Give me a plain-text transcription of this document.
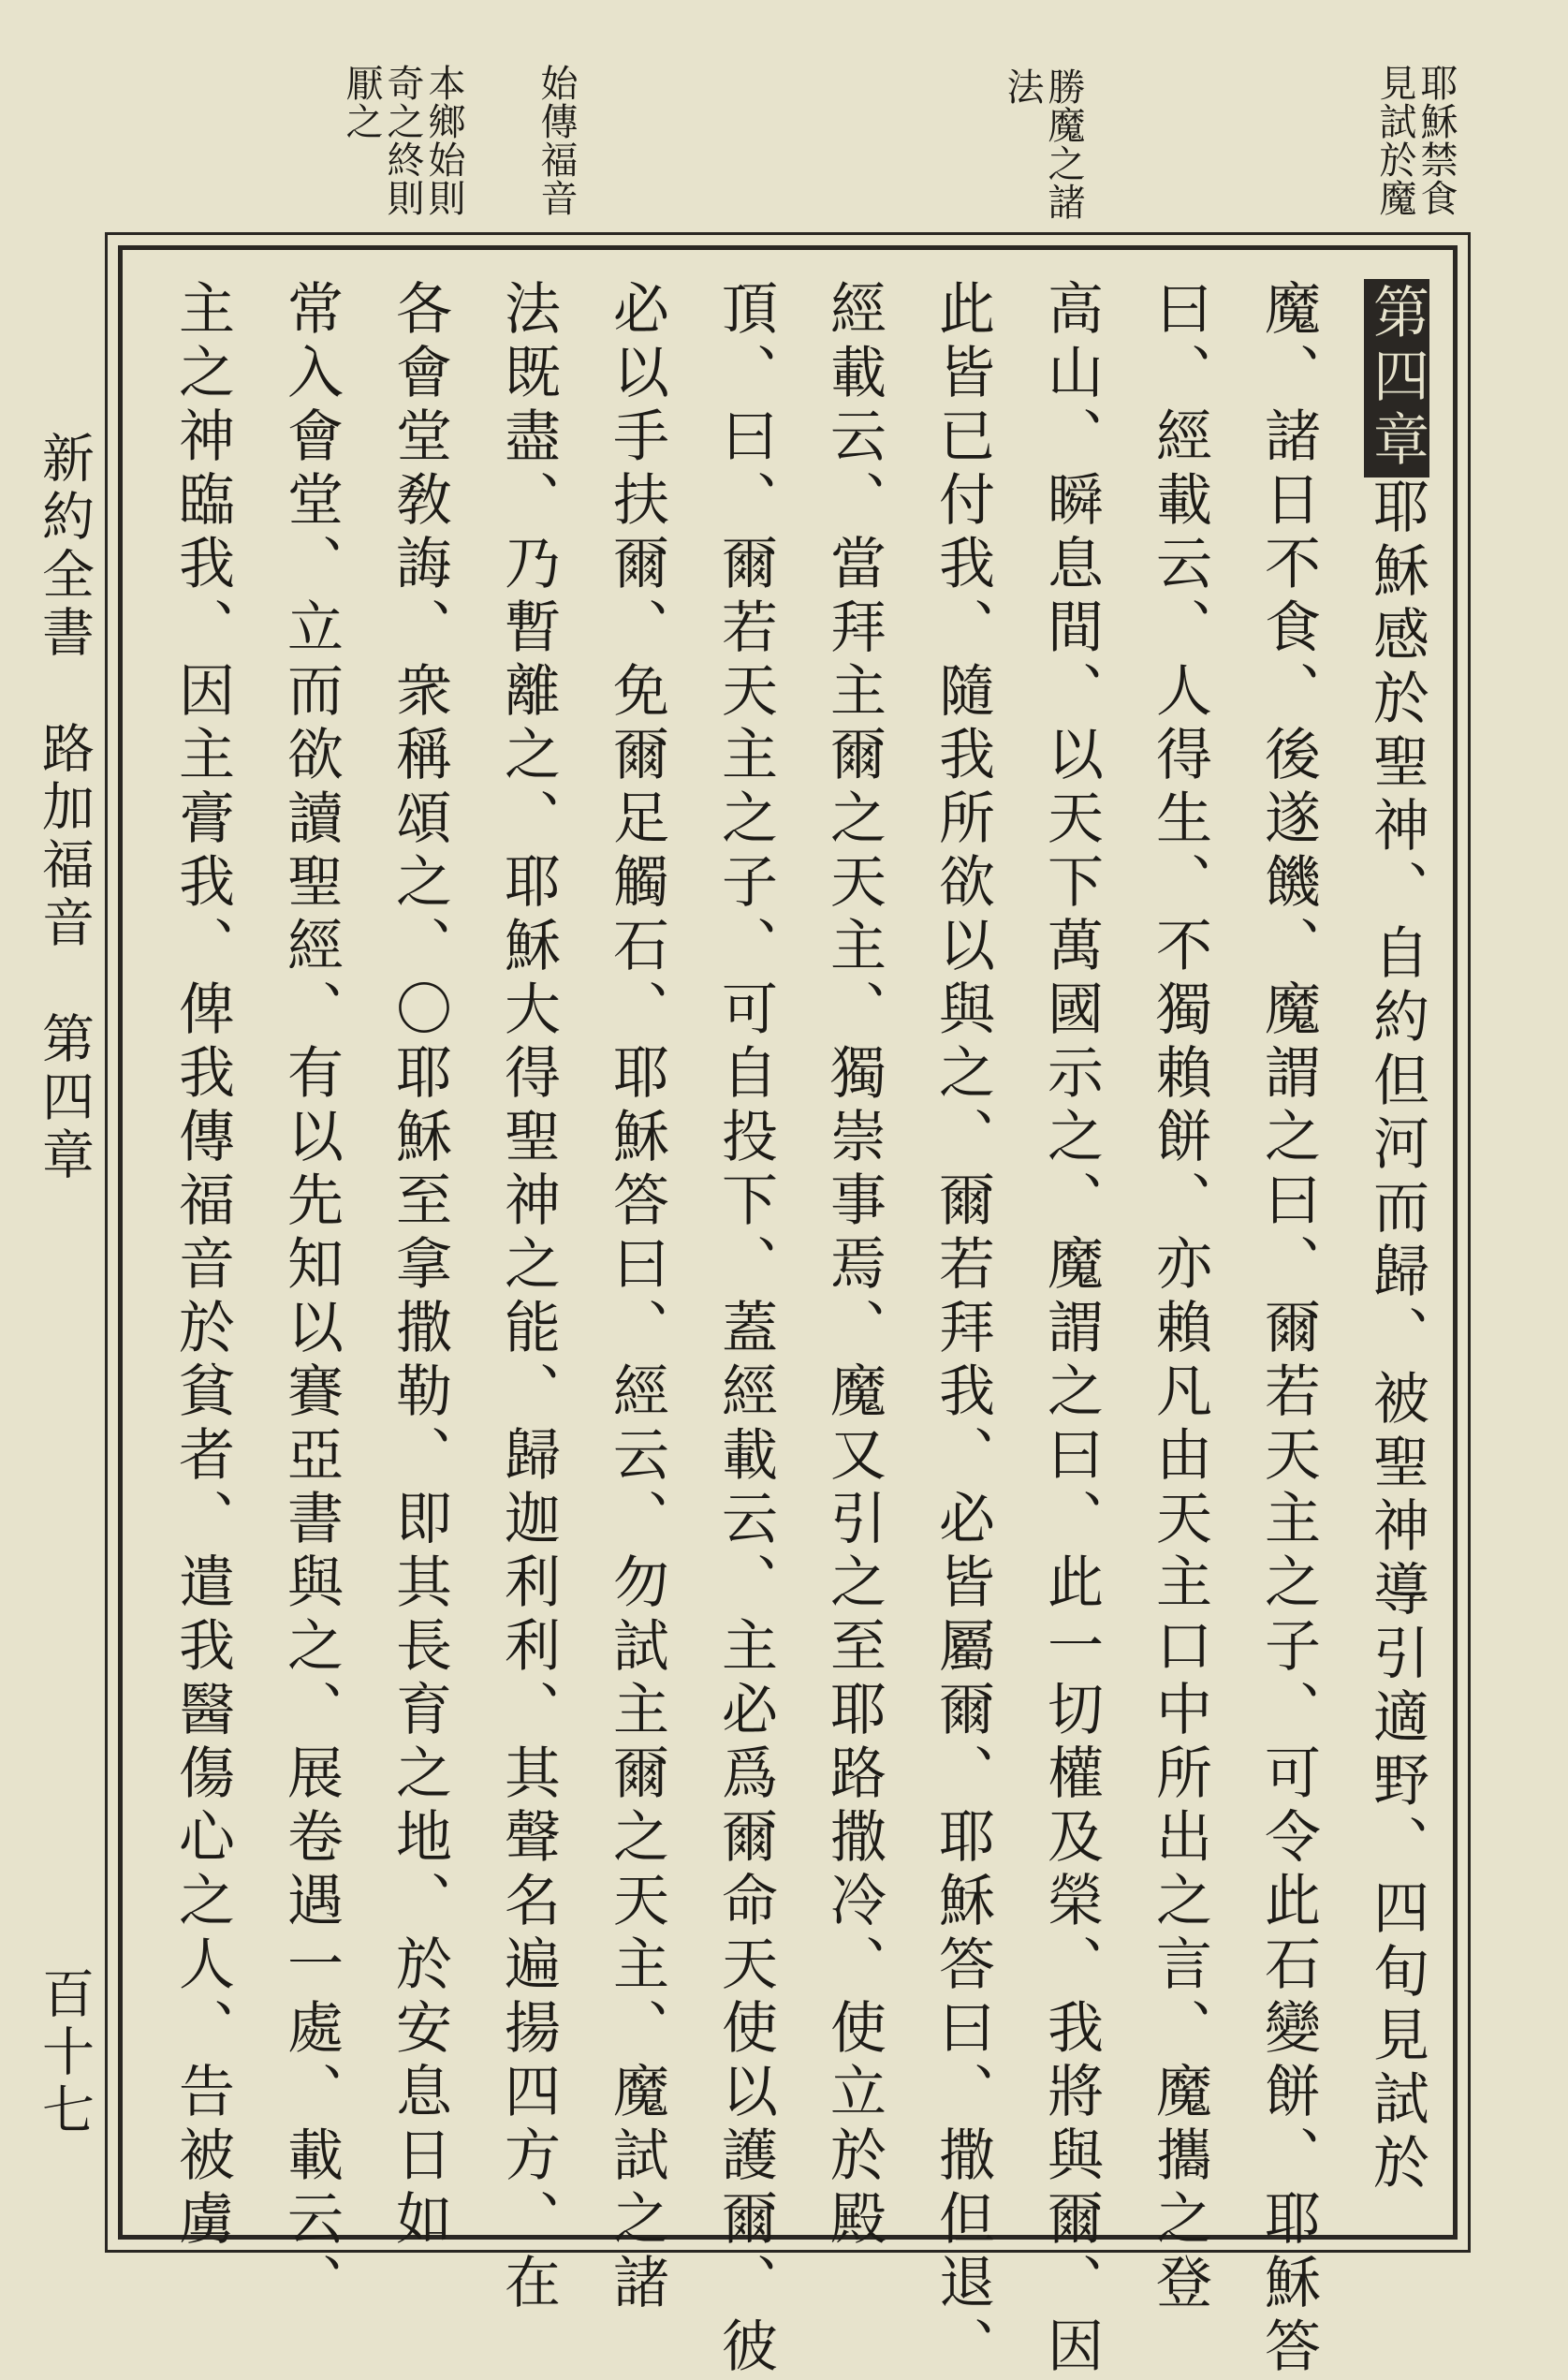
耶穌禁食
見試於魔
勝魔之諸
法
始傳福音
本鄉始則
奇之終則
厭之
第四章耶穌感於聖神、自約但河而歸、被聖神導引適野、四旬見試於
魔、諸日不食、後遂饑、魔謂之曰、爾若天主之子、可令此石變餅、耶穌答
曰、經載云、人得生、不獨賴餅、亦賴凡由天主口中所出之言、魔攜之登
高山、瞬息間、以天下萬國示之、魔謂之曰、此一切權及榮、我將與爾、因
此皆已付我、隨我所欲以與之、爾若拜我、必皆屬爾、耶穌答曰、撒但退、
經載云、當拜主爾之天主、獨崇事焉、魔又引之至耶路撒冷、使立於殿
頂、曰、爾若天主之子、可自投下、蓋經載云、主必爲爾命天使以護爾、彼
必以手扶爾、免爾足觸石、耶穌答曰、經云、勿試主爾之天主、魔試之諸
法既盡、乃暫離之、耶穌大得聖神之能、歸迦利利、其聲名遍揚四方、在
各會堂敎誨、衆稱頌之、〇耶穌至拿撒勒、即其長育之地、於安息日如
常入會堂、立而欲讀聖經、有以先知以賽亞書與之、展卷遇一處、載云、
主之神臨我、因主膏我、俾我傳福音於貧者、遣我醫傷心之人、告被虜
新約全書　路加福音　第四章
百十七
